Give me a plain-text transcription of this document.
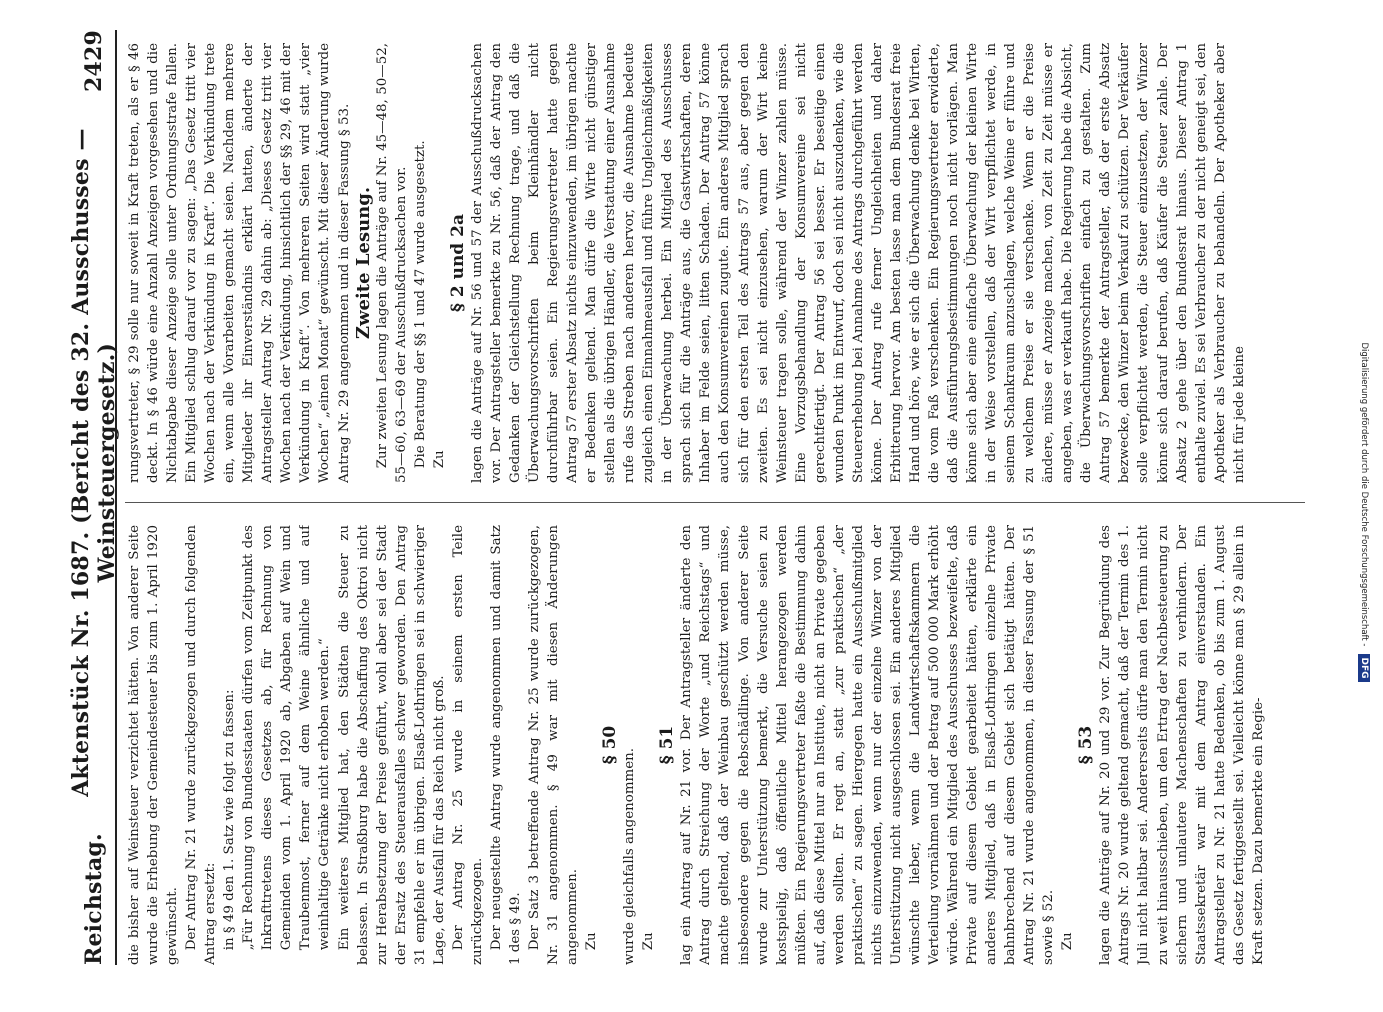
Reichstag.
Aktenstück Nr. 1687. (Bericht des 32. Ausschusses — Weinsteuergesetz.)
2429

die bisher auf Weinsteuer verzichtet hätten. Von anderer Seite wurde die Erhebung der Gemeindesteuer bis zum 1. April 1920 gewünscht. Der Antrag Nr. 21 wurde zurückgezogen und durch folgenden Antrag ersetzt: in § 49 den 1. Satz wie folgt zu fassen: „Für Rechnung von Bundesstaaten dürfen vom Zeitpunkt des Inkrafttretens dieses Gesetzes ab, für Rechnung von Gemeinden vom 1. April 1920 ab, Abgaben auf Wein und Traubenmost, ferner auf dem Weine ähnliche und auf weinhaltige Getränke nicht erhoben werden.“ Ein weiteres Mitglied hat, den Städten die Steuer zu belassen. In Straßburg habe die Abschaffung des Oktroi nicht zur Herabsetzung der Preise geführt, wohl aber sei der Stadt der Ersatz des Steuerausfalles schwer geworden. Den Antrag 31 empfehle er im übrigen. Elsaß-Lothringen sei in schwieriger Lage, der Ausfall für das Reich nicht groß. Der Antrag Nr. 25 wurde in seinem ersten Teile zurückgezogen. Der neugestellte Antrag wurde angenommen und damit Satz 1 des § 49. Der Satz 3 betreffende Antrag Nr. 25 wurde zurückgezogen, Nr. 31 angenommen. § 49 war mit diesen Änderungen angenommen. Zu

§ 50

wurde gleichfalls angenommen. Zu

§ 51 lag ein Antrag auf Nr. 21 vor. Der Antragsteller änderte den Antrag durch Streichung der Worte „und Reichstags“ und machte geltend, daß der Weinbau geschützt werden müsse, insbesondere gegen die Rebschädlinge. Von anderer Seite wurde zur Unterstützung bemerkt, die Versuche seien zu kostspielig, daß öffentliche Mittel herangezogen werden müßten. Ein Regierungsvertreter faßte die Bestimmung dahin auf, daß diese Mittel nur an Institute, nicht an Private gegeben werden sollten. Er regt an, statt „zur praktischen“ „der praktischen“ zu sagen. Hiergegen hatte ein Ausschußmitglied nichts einzuwenden, wenn nur der einzelne Winzer von der Unterstützung nicht ausgeschlossen sei. Ein anderes Mitglied wünschte lieber, wenn die Landwirtschaftskammern die Verteilung vornähmen und der Betrag auf 500 000 Mark erhöht würde. Während ein Mitglied des Ausschusses bezweifelte, daß Private auf diesem Gebiet gearbeitet hätten, erklärte ein anderes Mitglied, daß in Elsaß-Lothringen einzelne Private bahnbrechend auf diesem Gebiet sich betätigt hätten. Der Antrag Nr. 21 wurde angenommen, in dieser Fassung der § 51 sowie § 52. Zu

§ 53 lagen die Anträge auf Nr. 20 und 29 vor. Zur Begründung des Antrags Nr. 20 wurde geltend gemacht, daß der Termin des 1. Juli nicht haltbar sei. Andererseits dürfe man den Termin nicht zu weit hinausschieben, um den Ertrag der Nachbesteuerung zu sichern und unlautere Machenschaften zu verhindern. Der Staatssekretär war mit dem Antrag einverstanden. Ein Antragsteller zu Nr. 21 hatte Bedenken, ob bis zum 1. August das Gesetz fertiggestellt sei. Vielleicht könne man § 29 allein in Kraft setzen. Dazu bemerkte ein Regie-

rungsvertreter, § 29 solle nur soweit in Kraft treten, als er § 46 deckt. In § 46 würde eine Anzahl Anzeigen vorgesehen und die Nichtabgabe dieser Anzeige solle unter Ordnungsstrafe fallen. Ein Mitglied schlug darauf vor zu sagen: „Das Gesetz tritt vier Wochen nach der Verkündung in Kraft“. Die Verkündung trete ein, wenn alle Vorarbeiten gemacht seien. Nachdem mehrere Mitglieder ihr Einverständnis erklärt hatten, änderte der Antragsteller Antrag Nr. 29 dahin ab: „Dieses Gesetz tritt vier Wochen nach der Verkündung, hinsichtlich der §§ 29, 46 mit der Verkündung in Kraft“. Von mehreren Seiten wird statt „vier Wochen“ „einen Monat“ gewünscht. Mit dieser Änderung wurde Antrag Nr. 29 angenommen und in dieser Fassung § 53. Zweite Lesung. Zur zweiten Lesung lagen die Anträge auf Nr. 45—48, 50—52, 55—60, 63—69 der Ausschußdrucksachen vor. Die Beratung der §§ 1 und 47 wurde ausgesetzt. Zu

§ 2 und 2a lagen die Anträge auf Nr. 56 und 57 der Ausschußdrucksachen vor. Der Antragsteller bemerkte zu Nr. 56, daß der Antrag den Gedanken der Gleichstellung Rechnung trage, und daß die Überwachungsvorschriften beim Kleinhändler nicht durchführbar seien. Ein Regierungsvertreter hatte gegen Antrag 57 erster Absatz nichts einzuwenden, im übrigen machte er Bedenken geltend. Man dürfe die Wirte nicht günstiger stellen als die übrigen Händler, die Verstattung einer Ausnahme rufe das Streben nach anderen hervor, die Ausnahme bedeute zugleich einen Einnahmeausfall und führe Ungleichmäßigkeiten in der Überwachung herbei. Ein Mitglied des Ausschusses sprach sich für die Anträge aus, die Gastwirtschaften, deren Inhaber im Felde seien, litten Schaden. Der Antrag 57 könne auch den Konsumvereinen zugute. Ein anderes Mitglied sprach sich für den ersten Teil des Antrags 57 aus, aber gegen den zweiten. Es sei nicht einzusehen, warum der Wirt keine Weinsteuer tragen solle, während der Winzer zahlen müsse. Eine Vorzugsbehandlung der Konsumvereine sei nicht gerechtfertigt. Der Antrag 56 sei besser. Er beseitige einen wunden Punkt im Entwurf, doch sei nicht auszudenken, wie die Steuererhebung bei Annahme des Antrags durchgeführt werden könne. Der Antrag rufe ferner Ungleichheiten und daher Erbitterung hervor. Am besten lasse man dem Bundesrat freie Hand und höre, wie er sich die Überwachung denke bei Wirten, die vom Faß verschenken. Ein Regierungsvertreter erwiderte, daß die Ausführungsbestimmungen noch nicht vorlägen. Man könne sich aber eine einfache Überwachung der kleinen Wirte in der Weise vorstellen, daß der Wirt verpflichtet werde, in seinem Schankraum anzuschlagen, welche Weine er führe und zu welchem Preise er sie verschenke. Wenn er die Preise ändere, müsse er Anzeige machen, von Zeit zu Zeit müsse er angeben, was er verkauft habe. Die Regierung habe die Absicht, die Überwachungsvorschriften einfach zu gestalten. Zum Antrag 57 bemerkte der Antragsteller, daß der erste Absatz bezwecke, den Winzer beim Verkauf zu schützen. Der Verkäufer solle verpflichtet werden, die Steuer einzusetzen, der Winzer könne sich darauf berufen, daß Käufer die Steuer zahle. Der Absatz 2 gehe über den Bundesrat hinaus. Dieser Antrag 1 enthalte zuviel. Es sei Verbraucher zu der nicht geneigt sei, den Apotheker als Verbraucher zu behandeln. Der Apotheker aber nicht für jede kleine	Digitalisierung gefördert durch die Deutsche Forschungsgemeinschaft -
DFG
